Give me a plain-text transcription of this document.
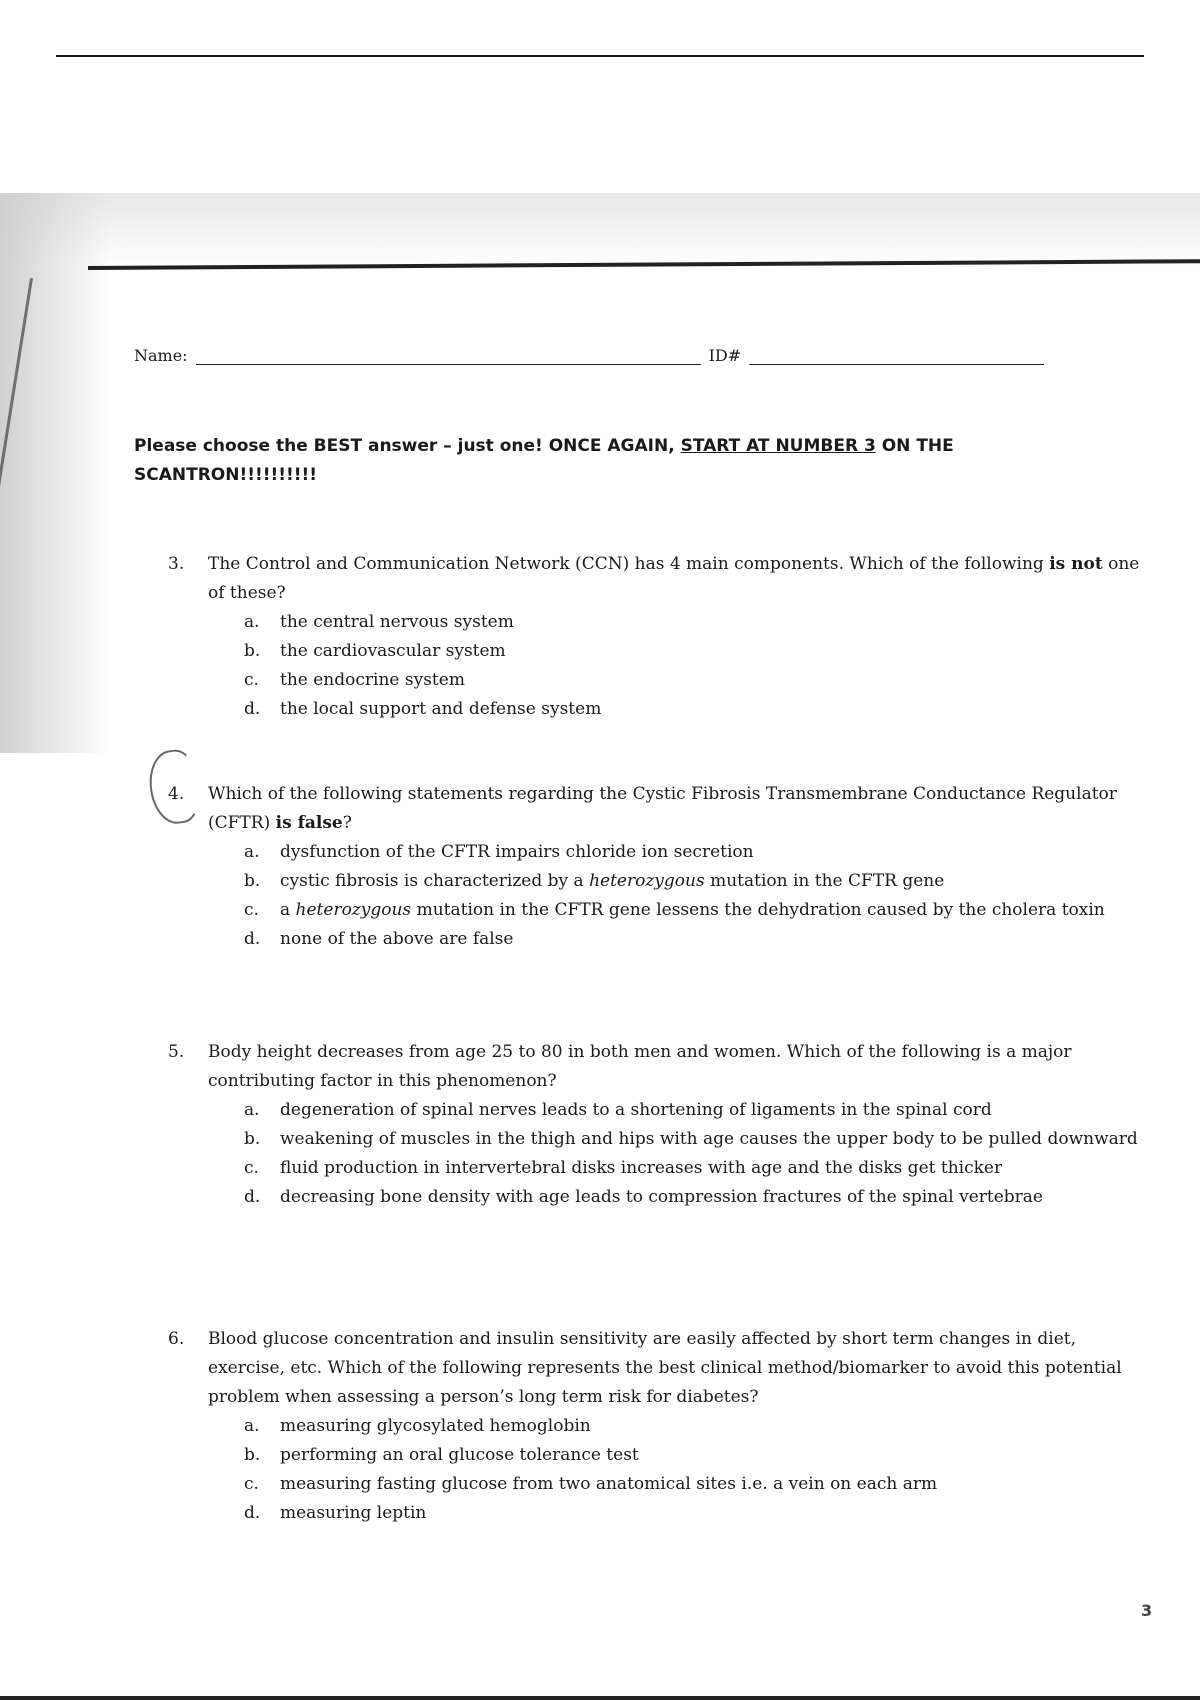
Name:	ID#
Please choose the BEST answer – just one! ONCE AGAIN, START AT NUMBER 3 ON THE SCANTRON!!!!!!!!!!
3.	The Control and Communication Network (CCN) has 4 main components. Which of the following is not one of these?
a.	the central nervous system
b.	the cardiovascular system
c.	the endocrine system
d.	the local support and defense system
4.	Which of the following statements regarding the Cystic Fibrosis Transmembrane Conductance Regulator (CFTR) is false?
a.	dysfunction of the CFTR impairs chloride ion secretion
b.	cystic fibrosis is characterized by a heterozygous mutation in the CFTR gene
c.	a heterozygous mutation in the CFTR gene lessens the dehydration caused by the cholera toxin
d.	none of the above are false
5.	Body height decreases from age 25 to 80 in both men and women. Which of the following is a major contributing factor in this phenomenon?
a.	degeneration of spinal nerves leads to a shortening of ligaments in the spinal cord
b.	weakening of muscles in the thigh and hips with age causes the upper body to be pulled downward
c.	fluid production in intervertebral disks increases with age and the disks get thicker
d.	decreasing bone density with age leads to compression fractures of the spinal vertebrae
6.	Blood glucose concentration and insulin sensitivity are easily affected by short term changes in diet, exercise, etc. Which of the following represents the best clinical method/biomarker to avoid this potential problem when assessing a person’s long term risk for diabetes?
a.	measuring glycosylated hemoglobin
b.	performing an oral glucose tolerance test
c.	measuring fasting glucose from two anatomical sites i.e. a vein on each arm
d.	measuring leptin
3
